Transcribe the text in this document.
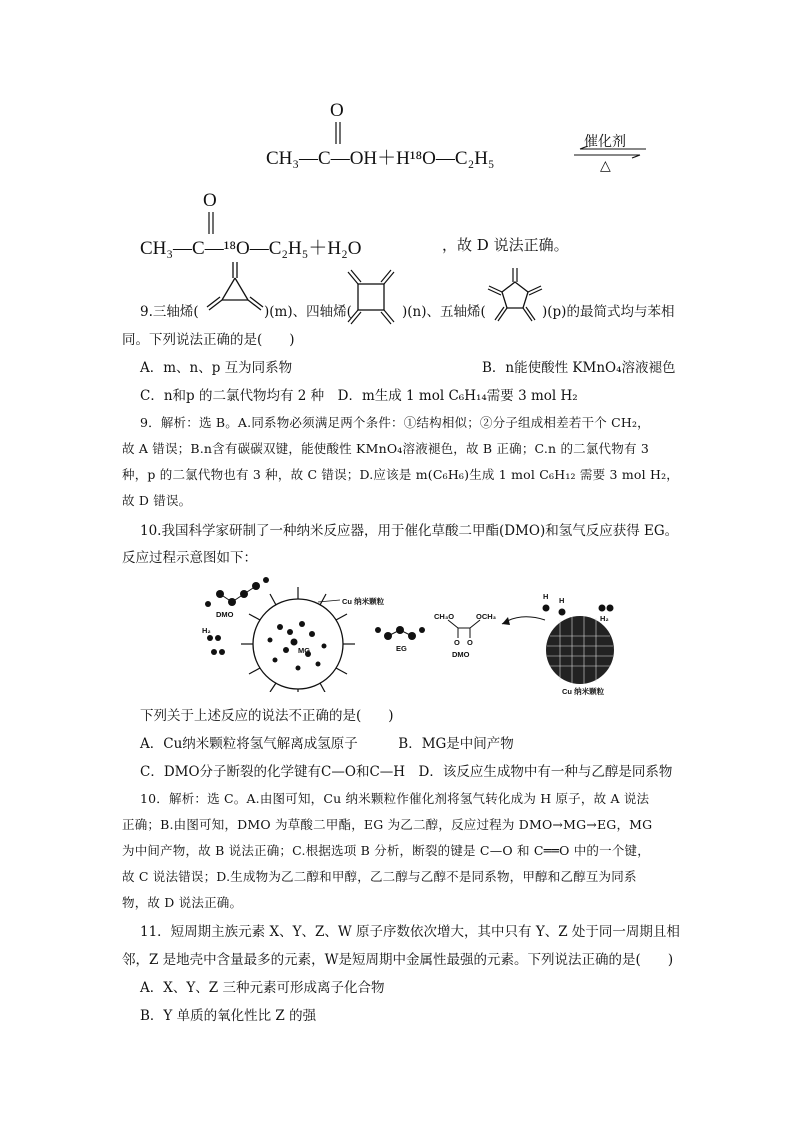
O
CH₃—C—OH＋H¹⁸O—C₂H₅
催化剂
△
O
CH₃—C—¹⁸O—C₂H₅＋H₂O	，故 D 说法正确。
9.三轴烯(	)(m)、四轴烯(	)(n)、五轴烯(	)(p)的最简式均与苯相
同。下列说法正确的是(　　)
A．m、n、p 互为同系物	B．n能使酸性 KMnO₄溶液褪色
C．n和p 的二氯代物均有 2 种　D．m生成 1 mol C₆H₁₄需要 3 mol H₂
9．解析：选 B。A.同系物必须满足两个条件：①结构相似；②分子组成相差若干个 CH₂，
故 A 错误；B.n含有碳碳双键，能使酸性 KMnO₄溶液褪色，故 B 正确；C.n 的二氯代物有 3
种，p 的二氯代物也有 3 种，故 C 错误；D.应该是 m(C₆H₆)生成 1 mol C₆H₁₂ 需要 3 mol H₂，
故 D 错误。
10.我国科学家研制了一种纳米反应器，用于催化草酸二甲酯(DMO)和氢气反应获得 EG。
反应过程示意图如下：
Cu 纳米颗粒
DMO
H₂
MG	EG
CH₃O	OCH₃
O O
DMO
H H
H₂
Cu 纳米颗粒
下列关于上述反应的说法不正确的是(　　)
A．Cu纳米颗粒将氢气解离成氢原子　　　B．MG是中间产物
C．DMO分子断裂的化学键有C—O和C—H　D．该反应生成物中有一种与乙醇是同系物
10．解析：选 C。A.由图可知，Cu 纳米颗粒作催化剂将氢气转化成为 H 原子，故 A 说法
正确；B.由图可知，DMO 为草酸二甲酯，EG 为乙二醇，反应过程为 DMO→MG→EG，MG
为中间产物，故 B 说法正确；C.根据选项 B 分析，断裂的键是 C—O 和 C══O 中的一个键，
故 C 说法错误；D.生成物为乙二醇和甲醇，乙二醇与乙醇不是同系物，甲醇和乙醇互为同系
物，故 D 说法正确。
11．短周期主族元素 X、Y、Z、W 原子序数依次增大，其中只有 Y、Z 处于同一周期且相
邻，Z 是地壳中含量最多的元素，W是短周期中金属性最强的元素。下列说法正确的是(　　)
A．X、Y、Z 三种元素可形成离子化合物
B．Y 单质的氧化性比 Z 的强
